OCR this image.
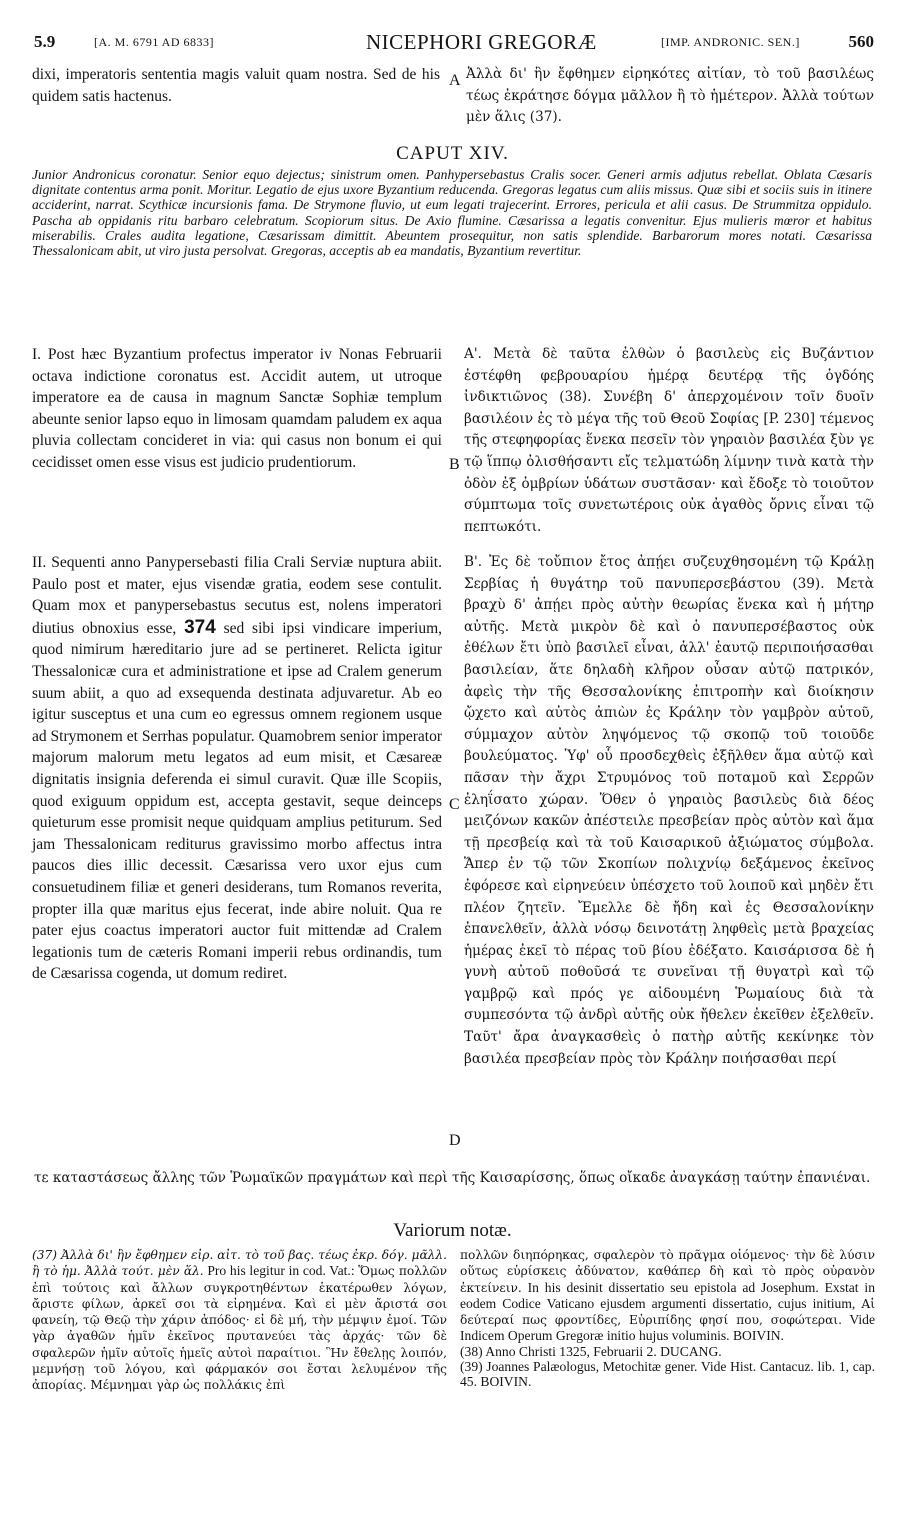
5.9	[A. M. 6791 AD 6833]	NICEPHORI GREGORÆ	[IMP. ANDRONIC. SEN.]	560
dixi, imperatoris sententia magis valuit quam nostra. Sed de his quidem satis hactenus.
A Ἀλλὰ δι' ἣν ἔφθημεν εἰρηκότες αἰτίαν, τὸ τοῦ βασιλέως τέως ἐκράτησε δόγμα μᾶλλον ἢ τὸ ἡμέτερον. Ἀλλὰ τούτων μὲν ἅλις (37).
CAPUT XIV.
Junior Andronicus coronatur. Senior equo dejectus; sinistrum omen. Panhypersebastus Cralis socer. Generi armis adjutus rebellat. Oblata Cæsaris dignitate contentus arma ponit. Moritur. Legatio de ejus uxore Byzantium reducenda. Gregoras legatus cum aliis missus. Quæ sibi et sociis suis in itinere acciderint, narrat. Scythicæ incursionis fama. De Strymone fluvio, ut eum legati trajecerint. Errores, pericula et alii casus. De Strummitza oppidulo. Pascha ab oppidanis ritu barbaro celebratum. Scopiorum situs. De Axio flumine. Cæsarissa a legatis convenitur. Ejus mulieris mœror et habitus miserabilis. Crales audita legatione, Cæsarissam dimittit. Abeuntem prosequitur, non satis splendide. Barbarorum mores notati. Cæsarissa Thessalonicam abit, ut viro justa persolvat. Gregoras, acceptis ab ea mandatis, Byzantium revertitur.
I. Post hæc Byzantium profectus imperator iv Nonas Februarii octava indictione coronatus est. Accidit autem, ut utroque imperatore ea de causa in magnum Sanctæ Sophiæ templum abeunte senior lapso equo in limosam quamdam paludem ex aqua pluvia collectam concideret in via: qui casus non bonum ei qui cecidisset omen esse visus est judicio prudentiorum.	B
Α'. Μετὰ δὲ ταῦτα ἐλθὼν ὁ βασιλεὺς εἰς Βυζάντιον ἐστέφθη φεβρουαρίου ἡμέρᾳ δευτέρᾳ τῆς ὀγδόης ἰνδικτιῶνος (38). Συνέβη δ' ἀπερχομένοιν τοῖν δυοῖν βασιλέοιν ἐς τὸ μέγα τῆς τοῦ Θεοῦ Σοφίας [P. 230] τέμενος τῆς στεφηφορίας ἕνεκα πεσεῖν τὸν γηραιὸν βασιλέα ξὺν γε τῷ ἵππῳ ὀλισθήσαντι εἴς τελματώδη λίμνην τινὰ κατὰ τὴν ὁδὸν ἐξ ὀμβρίων ὑδάτων συστᾶσαν· καὶ ἔδοξε τὸ τοιοῦτον σύμπτωμα τοῖς συνετωτέροις οὐκ ἀγαθὸς ὄρνις εἶναι τῷ πεπτωκότι.
II. Sequenti anno Panypersebasti filia Crali Serviæ nuptura abiit. Paulo post et mater, ejus visendæ gratia, eodem sese contulit. Quam mox et panypersebastus secutus est, nolens imperatori diutius obnoxius esse, 374 sed sibi ipsi vindicare imperium, quod nimirum hæreditario jure ad se pertineret. Relicta igitur Thessalonicæ cura et administratione et ipse ad Cralem generum suum abiit, a quo ad exsequenda destinata adjuvaretur. Ab eo igitur susceptus et una cum eo egressus omnem regionem usque ad Strymonem et Serrhas populatur. Quamobrem senior imperator majorum malorum metu legatos ad eum misit, et Cæsareæ dignitatis insignia deferenda ei simul curavit. Quæ ille Scopiis, quod exiguum oppidum est, accepta gestavit, seque deinceps quieturum esse promisit neque quidquam amplius petiturum. Sed jam Thessalonicam rediturus gravissimo morbo affectus intra paucos dies illic decessit. Cæsarissa vero uxor ejus cum consuetudinem filiæ et generi desiderans, tum Romanos reverita, propter illa quæ maritus ejus fecerat, inde abire noluit. Qua re pater ejus coactus imperatori auctor fuit mittendæ ad Cralem legationis tum de cæteris Romani imperii rebus ordinandis, tum de Cæsarissa cogenda, ut domum rediret.
C
D
Β'. Ἐς δὲ τοὔπιον ἔτος ἀπῄει συζευχθησομένη τῷ Κράλῃ Σερβίας ἡ θυγάτηρ τοῦ πανυπερσεβάστου (39). Μετὰ βραχὺ δ' ἀπῄει πρὸς αὐτὴν θεωρίας ἕνεκα καὶ ἡ μήτηρ αὐτῆς. Μετὰ μικρὸν δὲ καὶ ὁ πανυπερσέβαστος οὐκ ἐθέλων ἔτι ὑπὸ βασιλεῖ εἶναι, ἀλλ' ἑαυτῷ περιποιήσασθαι βασιλείαν, ἅτε δηλαδὴ κλῆρον οὖσαν αὐτῷ πατρικόν, ἀφεὶς τὴν τῆς Θεσσαλονίκης ἐπιτροπὴν καὶ διοίκησιν ᾤχετο καὶ αὐτὸς ἀπιὼν ἐς Κράλην τὸν γαμβρὸν αὐτοῦ, σύμμαχον αὐτὸν ληψόμενος τῷ σκοπῷ τοῦ τοιοῦδε βουλεύματος. Ὑφ' οὗ προσδεχθεὶς ἐξῆλθεν ἅμα αὐτῷ καὶ πᾶσαν τὴν ἄχρι Στρυμόνος τοῦ ποταμοῦ καὶ Σερρῶν ἐληΐσατο χώραν. Ὅθεν ὁ γηραιὸς βασιλεὺς διὰ δέος μειζόνων κακῶν ἀπέστειλε πρεσβείαν πρὸς αὐτὸν καὶ ἅμα τῇ πρεσβείᾳ καὶ τὰ τοῦ Καισαρικοῦ ἀξιώματος σύμβολα. Ἅπερ ἐν τῷ τῶν Σκοπίων πολιχνίῳ δεξάμενος ἐκεῖνος ἐφόρεσε καὶ εἰρηνεύειν ὑπέσχετο τοῦ λοιποῦ καὶ μηδὲν ἔτι πλέον ζητεῖν. Ἔμελλε δὲ ἤδη καὶ ἐς Θεσσαλονίκην ἐπανελθεῖν, ἀλλὰ νόσῳ δεινοτάτῃ ληφθεὶς μετὰ βραχείας ἡμέρας ἐκεῖ τὸ πέρας τοῦ βίου ἐδέξατο. Καισάρισσα δὲ ἡ γυνὴ αὐτοῦ ποθοῦσά τε συνεῖναι τῇ θυγατρὶ καὶ τῷ γαμβρῷ καὶ πρός γε αἰδουμένη Ῥωμαίους διὰ τὰ συμπεσόντα τῷ ἀνδρὶ αὐτῆς οὐκ ἤθελεν ἐκεῖθεν ἐξελθεῖν. Ταῦτ' ἄρα ἀναγκασθεὶς ὁ πατὴρ αὐτῆς κεκίνηκε τὸν βασιλέα πρεσβείαν πρὸς τὸν Κράλην ποιήσασθαι περί
τε καταστάσεως ἄλλης τῶν Ῥωμαϊκῶν πραγμάτων καὶ περὶ τῆς Καισαρίσσης, ὅπως οἴκαδε ἀναγκάσῃ ταύτην ἐπανιέναι.
Variorum notæ.
(37) Ἀλλὰ δι' ἣν ἔφθημεν εἰρ. αἰτ. τὸ τοῦ βας. τέως ἐκρ. δόγ. μᾶλλ. ἢ τὸ ἡμ. Ἀλλὰ τούτ. μὲν ἅλ. Pro his legitur in cod. Vat.: Ὅμως πολλῶν ἐπὶ τούτοις καὶ ἄλλων συγκροτηθέντων ἑκατέρωθεν λόγων, ἄριστε φίλων, ἀρκεῖ σοι τὰ εἰρημένα. Καὶ εἰ μὲν ἄριστά σοι φανείη, τῷ Θεῷ τὴν χάριν ἀπόδος· εἰ δὲ μή, τὴν μέμψιν ἐμοί. Τῶν γὰρ ἀγαθῶν ἡμῖν ἐκεῖνος πρυτανεύει τὰς ἀρχάς· τῶν δὲ σφαλερῶν ἡμῖν αὐτοῖς ἡμεῖς αὐτοὶ παραίτιοι. Ἣν ἔθελῃς λοιπόν, μεμνήσῃ τοῦ λόγου, καὶ φάρμακόν σοι ἔσται λελυμένον τῆς ἀπορίας. Μέμνημαι γὰρ ὡς πολλάκις ἐπὶ
πολλῶν διηπόρηκας, σφαλερὸν τὸ πρᾶγμα οἰόμενος· τὴν δὲ λύσιν οὕτως εὑρίσκεις ἀδύνατον, καθάπερ δὴ καὶ τὸ πρὸς οὐρανὸν ἐκτείνειν. In his desinit dissertatio seu epistola ad Josephum. Exstat in eodem Codice Vaticano ejusdem argumenti dissertatio, cujus initium, Αἱ δεύτεραί πως φροντίδες, Εὐριπίδης φησί που, σοφώτεραι. Vide Indicem Operum Gregoræ initio hujus voluminis. BOIVIN.
(38) Anno Christi 1325, Februarii 2. DUCANG.
(39) Joannes Palæologus, Metochitæ gener. Vide Hist. Cantacuz. lib. 1, cap. 45. BOIVIN.
